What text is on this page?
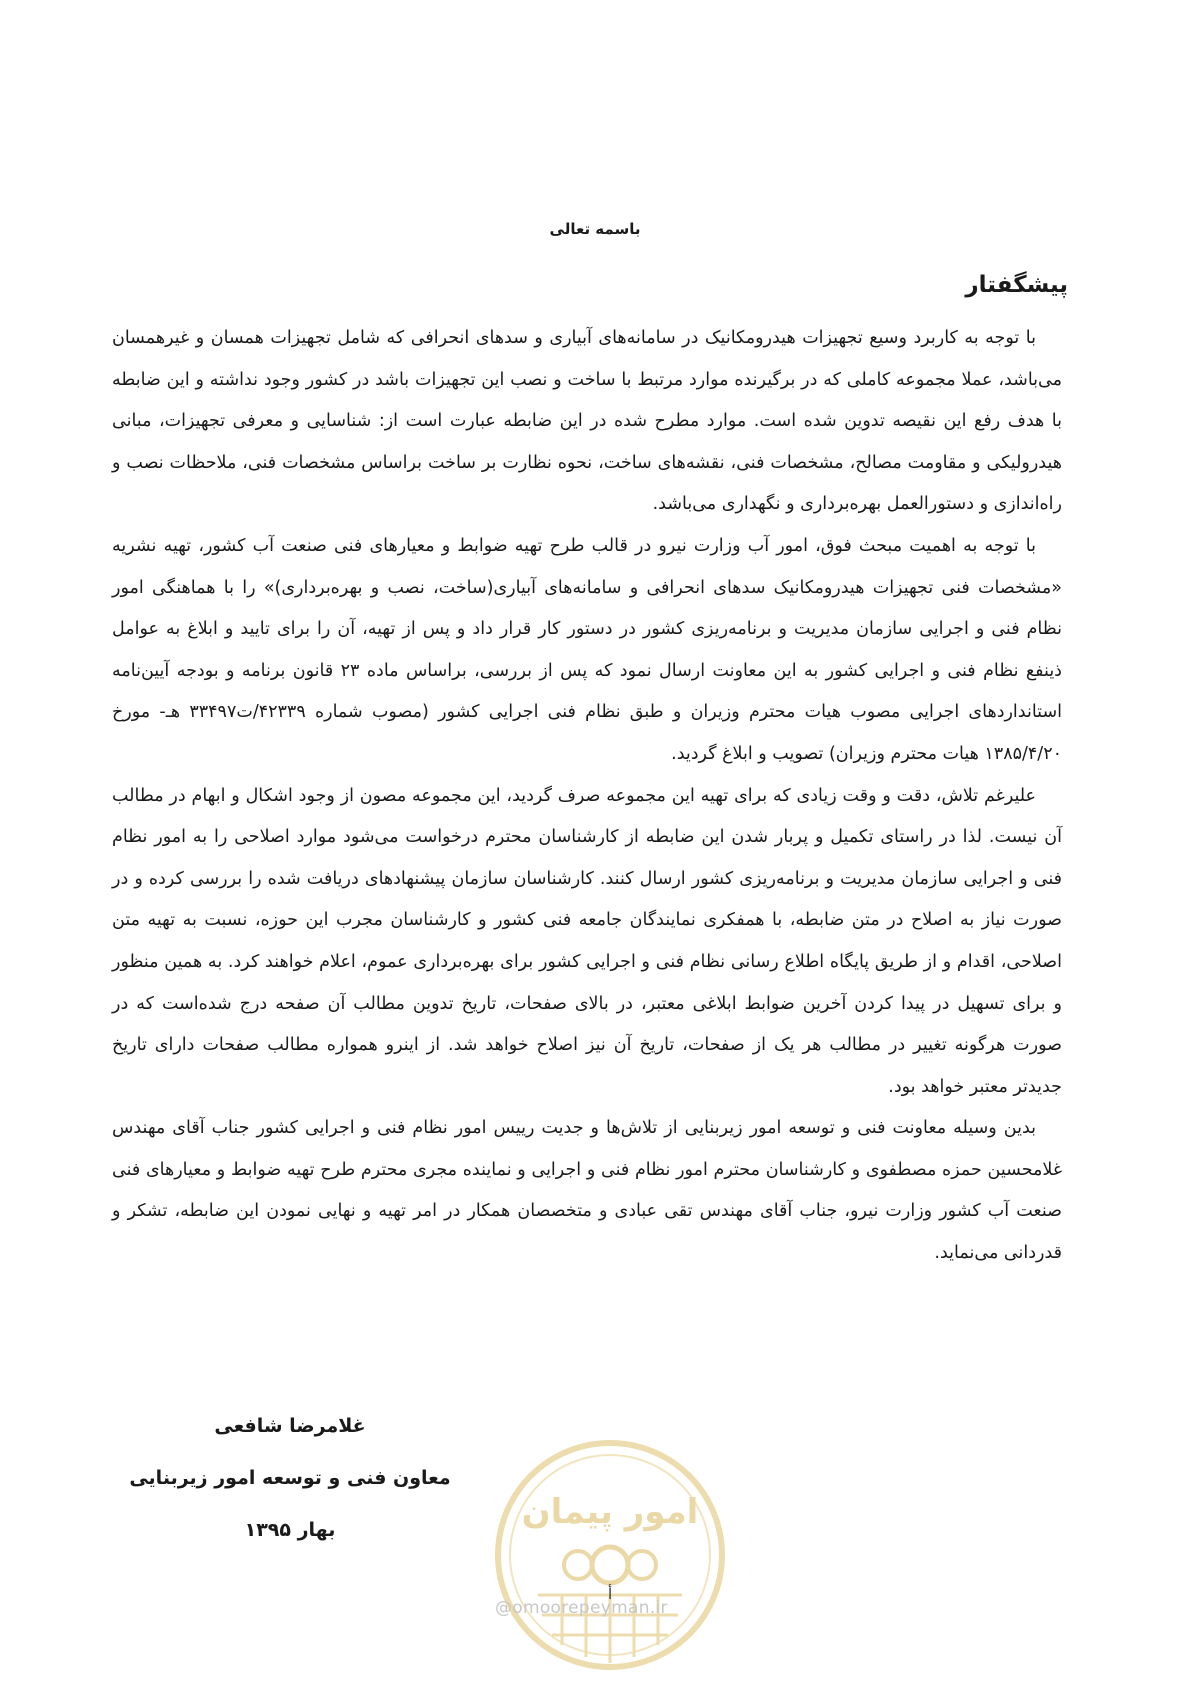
باسمه تعالی
پیشگفتار

با توجه به کاربرد وسیع تجهیزات هیدرومکانیک در سامانه‌های آبیاری و سدهای انحرافی که شامل تجهیزات همسان و غیرهمسان می‌باشد، عملا مجموعه کاملی که در برگیرنده موارد مرتبط با ساخت و نصب این تجهیزات باشد در کشور وجود نداشته و این ضابطه با هدف رفع این نقیصه تدوین شده است. موارد مطرح شده در این ضابطه عبارت است از: شناسایی و معرفی تجهیزات، مبانی هیدرولیکی و مقاومت مصالح، مشخصات فنی، نقشه‌های ساخت، نحوه نظارت بر ساخت براساس مشخصات فنی، ملاحظات نصب و راه‌اندازی و دستورالعمل بهره‌برداری و نگهداری می‌باشد.

با توجه به اهمیت مبحث فوق، امور آب وزارت نیرو در قالب طرح تهیه ضوابط و معیارهای فنی صنعت آب کشور، تهیه نشریه «مشخصات فنی تجهیزات هیدرومکانیک سدهای انحرافی و سامانه‌های آبیاری(ساخت، نصب و بهره‌برداری)» را با هماهنگی امور نظام فنی و اجرایی سازمان مدیریت و برنامه‌ریزی کشور در دستور کار قرار داد و پس از تهیه، آن را برای تایید و ابلاغ به عوامل ذینفع نظام فنی و اجرایی کشور به این معاونت ارسال نمود که پس از بررسی، براساس ماده ۲۳ قانون برنامه و بودجه آیین‌نامه استانداردهای اجرایی مصوب هیات محترم وزیران و طبق نظام فنی اجرایی کشور (مصوب شماره ۴۲۳۳۹/ت۳۳۴۹۷ هـ- مورخ ۱۳۸۵/۴/۲۰ هیات محترم وزیران) تصویب و ابلاغ گردید.

علیرغم تلاش، دقت و وقت زیادی که برای تهیه این مجموعه صرف گردید، این مجموعه مصون از وجود اشکال و ابهام در مطالب آن نیست. لذا در راستای تکمیل و پربار شدن این ضابطه از کارشناسان محترم درخواست می‌شود موارد اصلاحی را به امور نظام فنی و اجرایی سازمان مدیریت و برنامه‌ریزی کشور ارسال کنند. کارشناسان سازمان پیشنهادهای دریافت شده را بررسی کرده و در صورت نیاز به اصلاح در متن ضابطه، با همفکری نمایندگان جامعه فنی کشور و کارشناسان مجرب این حوزه، نسبت به تهیه متن اصلاحی، اقدام و از طریق پایگاه اطلاع رسانی نظام فنی و اجرایی کشور برای بهره‌برداری عموم، اعلام خواهند کرد. به همین منظور و برای تسهیل در پیدا کردن آخرین ضوابط ابلاغی معتبر، در بالای صفحات، تاریخ تدوین مطالب آن صفحه درج شده‌است که در صورت هرگونه تغییر در مطالب هر یک از صفحات، تاریخ آن نیز اصلاح خواهد شد. از اینرو همواره مطالب صفحات دارای تاریخ جدیدتر معتبر خواهد بود.

بدین وسیله معاونت فنی و توسعه امور زیربنایی از تلاش‌ها و جدیت رییس امور نظام فنی و اجرایی کشور جناب آقای مهندس غلامحسین حمزه مصطفوی و کارشناسان محترم امور نظام فنی و اجرایی و نماینده مجری محترم طرح تهیه ضوابط و معیارهای فنی صنعت آب کشور وزارت نیرو، جناب آقای مهندس تقی عبادی و متخصصان همکار در امر تهیه و نهایی نمودن این ضابطه، تشکر و قدردانی می‌نماید.

غلامرضا شافعی
معاون فنی و توسعه امور زیربنایی
بهار ۱۳۹۵	امور پیمان
أ
@omoorepeyman.ir
